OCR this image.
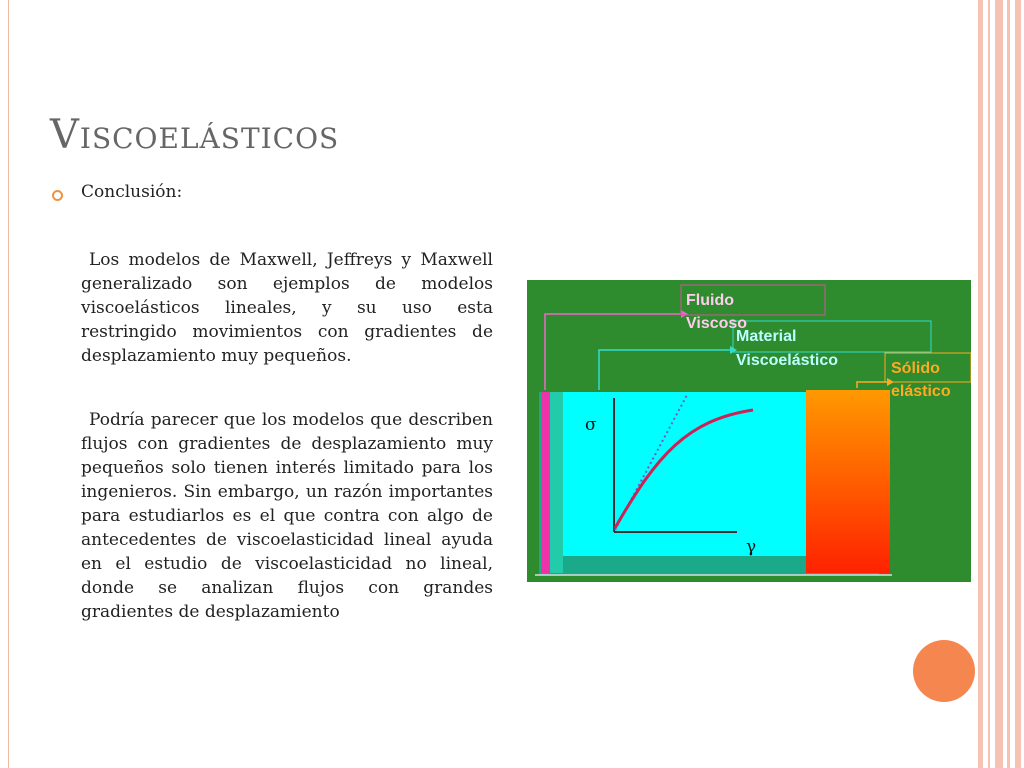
Viscoelásticos
Conclusión:

Los modelos de Maxwell, Jeffreys y Maxwell generalizado son ejemplos de modelos viscoelásticos lineales, y su uso esta restringido movimientos con gradientes de desplazamiento muy pequeños.

Podría parecer que los modelos que describen flujos con gradientes de desplazamiento muy pequeños solo tienen interés limitado para los ingenieros. Sin embargo, un razón importantes para estudiarlos es el que contra con algo de antecedentes de viscoelasticidad lineal ayuda en el estudio de viscoelasticidad no lineal, donde se analizan flujos con grandes gradientes de desplazamiento

σ
γ
Fluido
Viscoso
Material
Viscoelástico	Sólido
elástico
